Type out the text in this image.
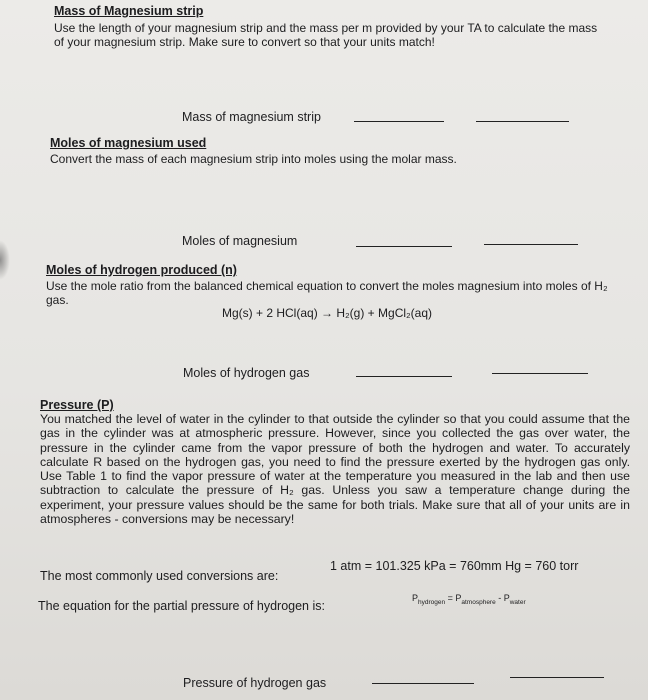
Mass of Magnesium strip
Use the length of your magnesium strip and the mass per m provided by your TA to calculate the mass of your magnesium strip. Make sure to convert so that your units match!
Mass of magnesium strip
Moles of magnesium used
Convert the mass of each magnesium strip into moles using the molar mass.
Moles of magnesium
Moles of hydrogen produced (n)
Use the mole ratio from the balanced chemical equation to convert the moles magnesium into moles of H₂ gas.
Mg(s) + 2 HCl(aq) → H₂(g) + MgCl₂(aq)

Moles of hydrogen gas
Pressure (P)
You matched the level of water in the cylinder to that outside the cylinder so that you could assume that the gas in the cylinder was at atmospheric pressure. However, since you collected the gas over water, the pressure in the cylinder came from the vapor pressure of both the hydrogen and water. To accurately calculate R based on the hydrogen gas, you need to find the pressure exerted by the hydrogen gas only. Use Table 1 to find the vapor pressure of water at the temperature you measured in the lab and then use subtraction to calculate the pressure of H₂ gas. Unless you saw a temperature change during the experiment, your pressure values should be the same for both trials. Make sure that all of your units are in atmospheres - conversions may be necessary!
The most commonly used conversions are:
1 atm = 101.325 kPa = 760mm Hg = 760 torr
The equation for the partial pressure of hydrogen is:
$P_{hydrogen} = P_{atmosphere} - P_{water}$
Pressure of hydrogen gas
